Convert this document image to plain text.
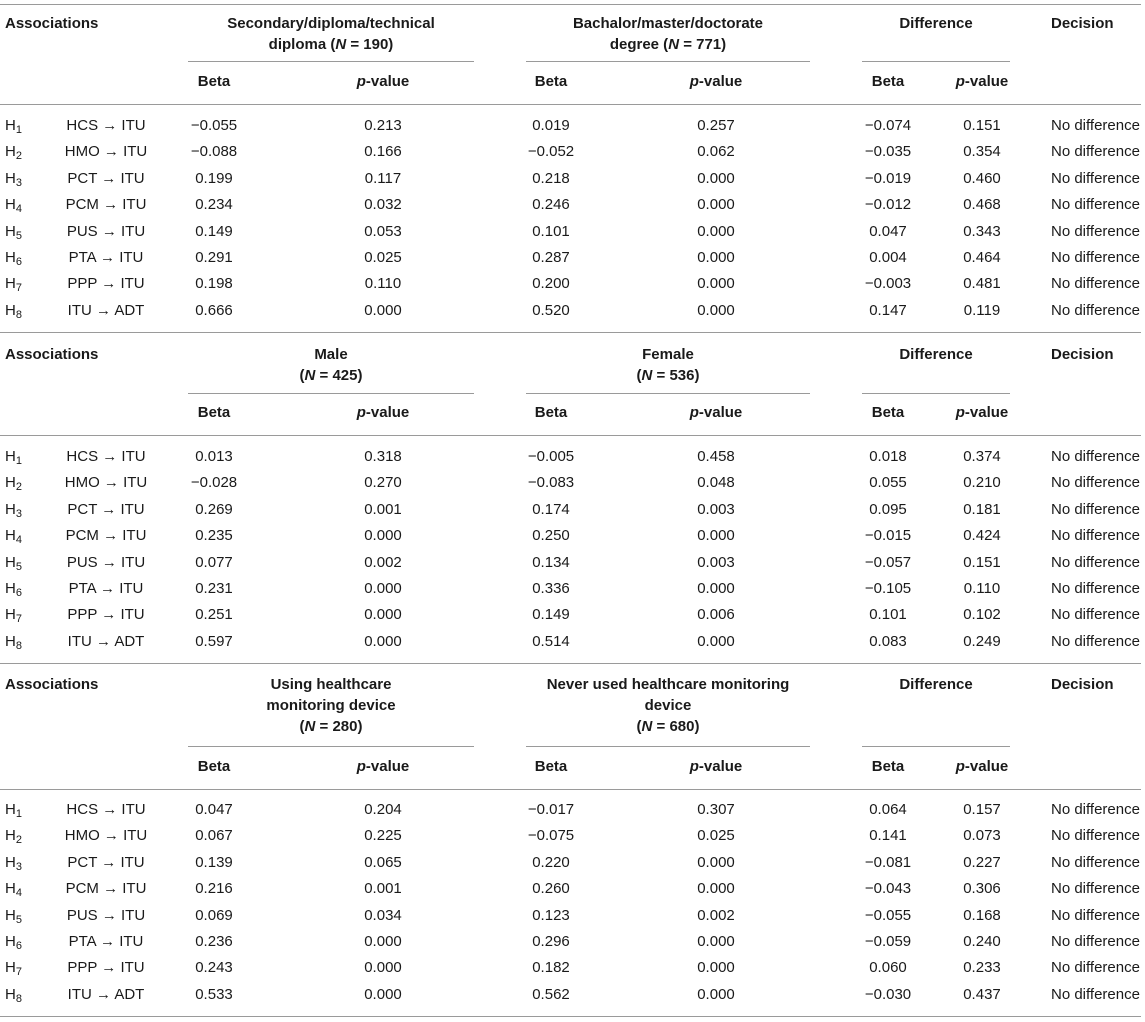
Associations	Secondary/diploma/technical
diploma (N = 190)
Bachalor/master/doctorate
degree (N = 771)
Difference	Decision
Beta	p-value	Beta	p-value	Beta	p-value
$H_1$	HCS → ITU	−0.055	0.213	0.019	0.257	−0.074	0.151	No difference
$H_2$	HMO → ITU	−0.088	0.166	−0.052	0.062	−0.035	0.354	No difference
$H_3$	PCT → ITU	0.199	0.117	0.218	0.000	−0.019	0.460	No difference
$H_4$	PCM → ITU	0.234	0.032	0.246	0.000	−0.012	0.468	No difference
$H_5$	PUS → ITU	0.149	0.053	0.101	0.000	0.047	0.343	No difference
$H_6$	PTA → ITU	0.291	0.025	0.287	0.000	0.004	0.464	No difference
$H_7$	PPP → ITU	0.198	0.110	0.200	0.000	−0.003	0.481	No difference
$H_8$	ITU → ADT	0.666	0.000	0.520	0.000	0.147	0.119	No difference
Associations	Male
(N = 425)
Female
(N = 536)
Difference	Decision
Beta	p-value	Beta	p-value	Beta	p-value
$H_1$	HCS → ITU	0.013	0.318	−0.005	0.458	0.018	0.374	No difference
$H_2$	HMO → ITU	−0.028	0.270	−0.083	0.048	0.055	0.210	No difference
$H_3$	PCT → ITU	0.269	0.001	0.174	0.003	0.095	0.181	No difference
$H_4$	PCM → ITU	0.235	0.000	0.250	0.000	−0.015	0.424	No difference
$H_5$	PUS → ITU	0.077	0.002	0.134	0.003	−0.057	0.151	No difference
$H_6$	PTA → ITU	0.231	0.000	0.336	0.000	−0.105	0.110	No difference
$H_7$	PPP → ITU	0.251	0.000	0.149	0.006	0.101	0.102	No difference
$H_8$	ITU → ADT	0.597	0.000	0.514	0.000	0.083	0.249	No difference
Associations	Using healthcare
monitoring device
(N = 280)
Never used healthcare monitoring
device
(N = 680)
Difference	Decision
Beta	p-value	Beta	p-value	Beta	p-value
$H_1$	HCS → ITU	0.047	0.204	−0.017	0.307	0.064	0.157	No difference
$H_2$	HMO → ITU	0.067	0.225	−0.075	0.025	0.141	0.073	No difference
$H_3$	PCT → ITU	0.139	0.065	0.220	0.000	−0.081	0.227	No difference
$H_4$	PCM → ITU	0.216	0.001	0.260	0.000	−0.043	0.306	No difference
$H_5$	PUS → ITU	0.069	0.034	0.123	0.002	−0.055	0.168	No difference
$H_6$	PTA → ITU	0.236	0.000	0.296	0.000	−0.059	0.240	No difference
$H_7$	PPP → ITU	0.243	0.000	0.182	0.000	0.060	0.233	No difference
$H_8$	ITU → ADT	0.533	0.000	0.562	0.000	−0.030	0.437	No difference
